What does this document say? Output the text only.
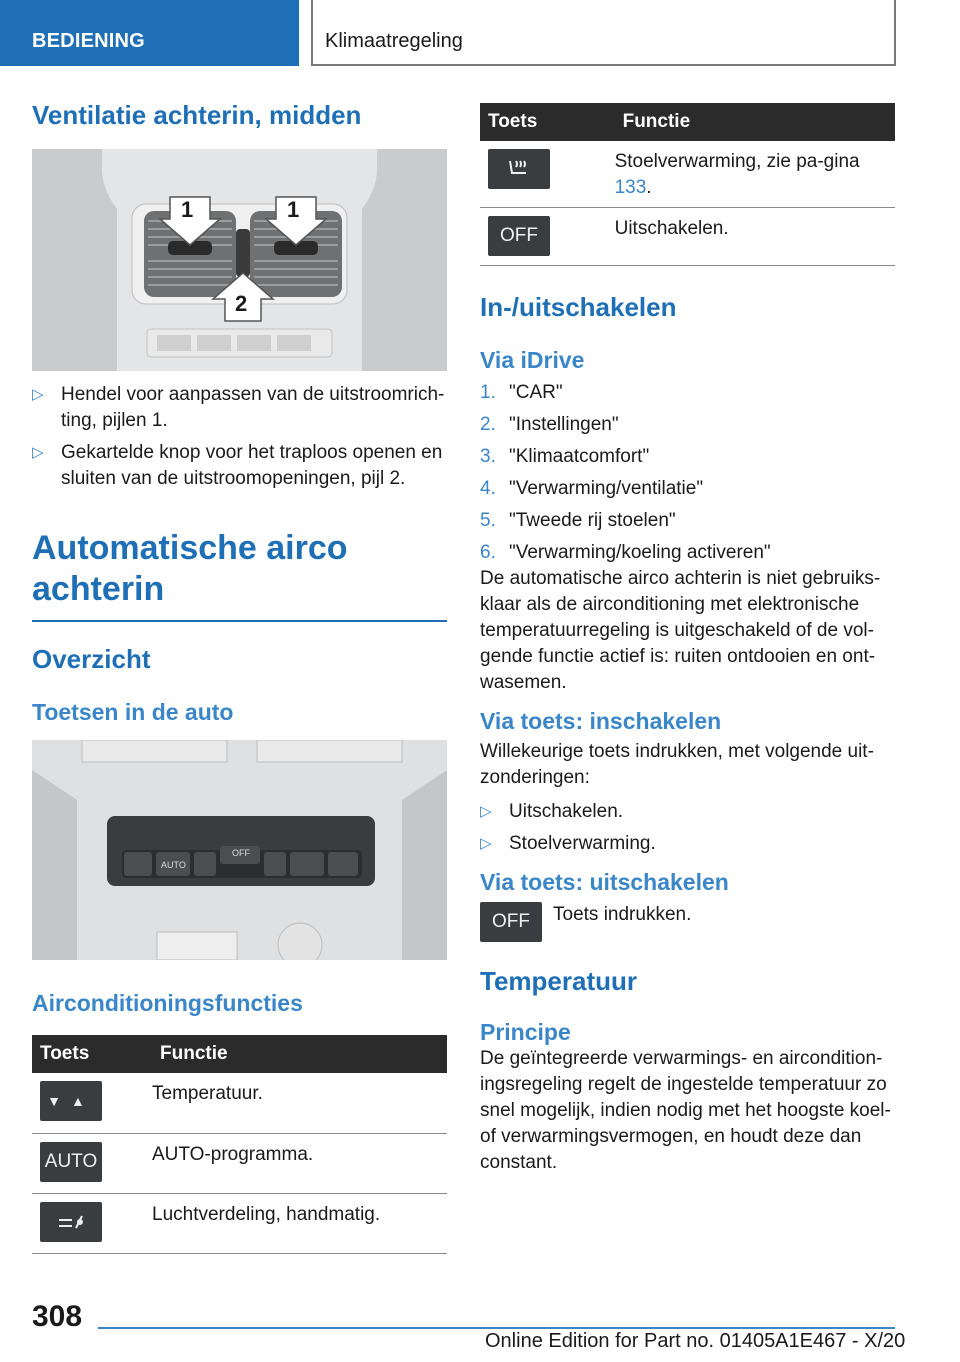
BEDIENING	Klimaatregeling
Ventilatie achterin, midden
1	1
2
▷ Hendel voor aanpassen van de uitstroomrich-ting, pijlen 1.
▷ Gekartelde knop voor het traploos openen en sluiten van de uitstroomopeningen, pijl 2.
Automatische airco achterin
Overzicht
Toetsen in de auto
AUTO
OFF
Airconditioningsfuncties
Toets	Functie

▼▲	Temperatuur.

AUTO	AUTO-programma.

	Luchtverdeling, handmatig.
Toets	Functie

	Stoelverwarming, zie pa-gina 133.

OFF	Uitschakelen.
In-/uitschakelen
Via iDrive
1. "CAR"
2. "Instellingen"
3. "Klimaatcomfort"
4. "Verwarming/ventilatie"
5. "Tweede rij stoelen"
6. "Verwarming/koeling activeren"

De automatische airco achterin is niet gebruiks-klaar als de airconditioning met elektronische temperatuurregeling is uitgeschakeld of de vol-gende functie actief is: ruiten ontdooien en ont-wasemen.

Via toets: inschakelen

Willekeurige toets indrukken, met volgende uit-zonderingen:

▷ Uitschakelen.
▷ Stoelverwarming.
Via toets: uitschakelen
OFF	Toets indrukken.

Temperatuur
Principe

De geïntegreerde verwarmings- en aircondition-ingsregeling regelt de ingestelde temperatuur zo snel mogelijk, indien nodig met het hoogste koel-of verwarmingsvermogen, en houdt deze dan constant.

308
Online Edition for Part no. 01405A1E467 - X/20
